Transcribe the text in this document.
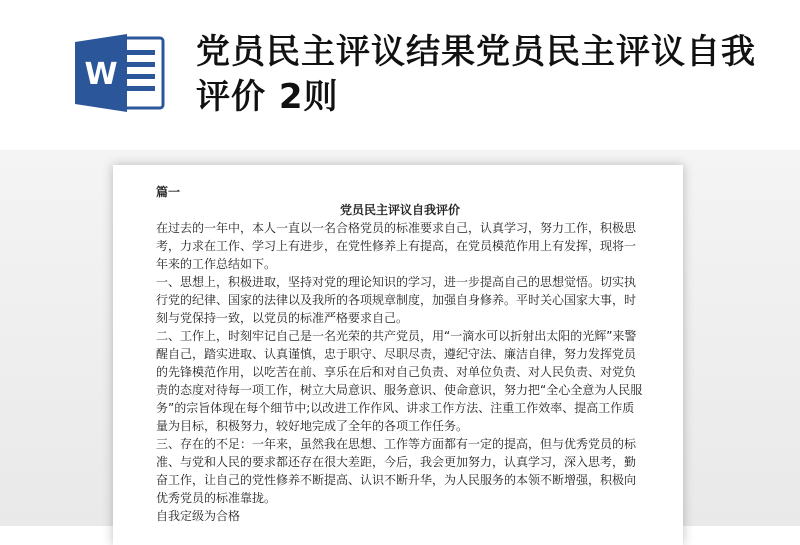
W
党员民主评议结果党员民主评议自我评价 2则
篇一
党员民主评议自我评价

在过去的一年中，本人一直以一名合格党员的标准要求自己，认真学习，努力工作，积极思考，力求在工作、学习上有进步，在党性修养上有提高，在党员模范作用上有发挥，现将一年来的工作总结如下。

一、思想上，积极进取，坚持对党的理论知识的学习，进一步提高自己的思想觉悟。切实执行党的纪律、国家的法律以及我所的各项规章制度，加强自身修养。平时关心国家大事，时刻与党保持一致，以党员的标准严格要求自己。

二、工作上，时刻牢记自己是一名光荣的共产党员，用“一滴水可以折射出太阳的光辉”来警醒自己，踏实进取、认真谨慎，忠于职守、尽职尽责，遵纪守法、廉洁自律，努力发挥党员的先锋模范作用，以吃苦在前、享乐在后和对自己负责、对单位负责、对人民负责、对党负责的态度对待每一项工作，树立大局意识、服务意识、使命意识，努力把“全心全意为人民服务”的宗旨体现在每个细节中;以改进工作作风、讲求工作方法、注重工作效率、提高工作质量为目标，积极努力，较好地完成了全年的各项工作任务。

三、存在的不足：一年来，虽然我在思想、工作等方面都有一定的提高，但与优秀党员的标准、与党和人民的要求都还存在很大差距，今后，我会更加努力，认真学习，深入思考，勤奋工作，让自己的党性修养不断提高、认识不断升华，为人民服务的本领不断增强，积极向优秀党员的标准靠拢。

自我定级为合格
